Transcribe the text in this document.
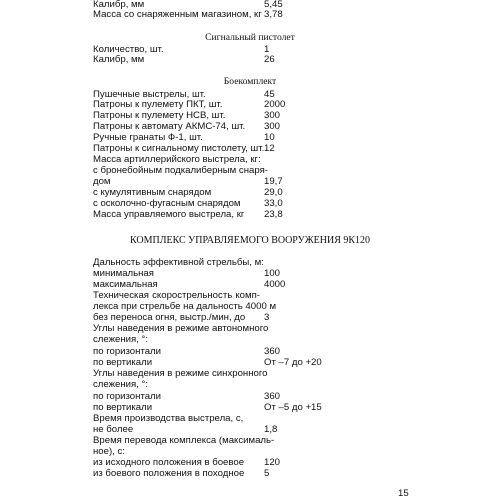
Калибр, мм	5,45
Масса со снаряженным магазином, кг 3,78
Сигнальный пистолет
Количество, шт.	1
Калибр, мм	26
Боекомплект
Пушечные выстрелы, шт.	45
Патроны к пулемету ПКТ, шт.	2000
Патроны к пулемету НСВ, шт.	300
Патроны к автомату АКМС-74, шт. 300
Ручные гранаты Ф-1, шт.	10
Патроны к сигнальному пистолету, шт. 12
Масса артиллерийского выстрела, кг:
с бронебойным подкалиберным снаря-
дом	19,7
с кумулятивным снарядом	29,0
с осколочно-фугасным снарядом 33,0
Масса управляемого выстрела, кг 23,8
КОМПЛЕКС УПРАВЛЯЕМОГО ВООРУЖЕНИЯ 9К120
Дальность эффективной стрельбы, м:
минимальная	100
максимальная	4000
Техническая скорострельность комп-
лекса при стрельбе на дальность 4000 м
без переноса огня, выстр./мин, до 3
Углы наведения в режиме автономного
слежения, °:
по горизонтали	360
по вертикали	От –7 до +20
Углы наведения в режиме синхронного
слежения, °:
по горизонтали	360
по вертикали	От –5 до +15
Время производства выстрела, с,
не более	1,8
Время перевода комплекса (максималь-
ное), с:
из исходного положения в боевое 120
из боевого положения в походное 5
15
